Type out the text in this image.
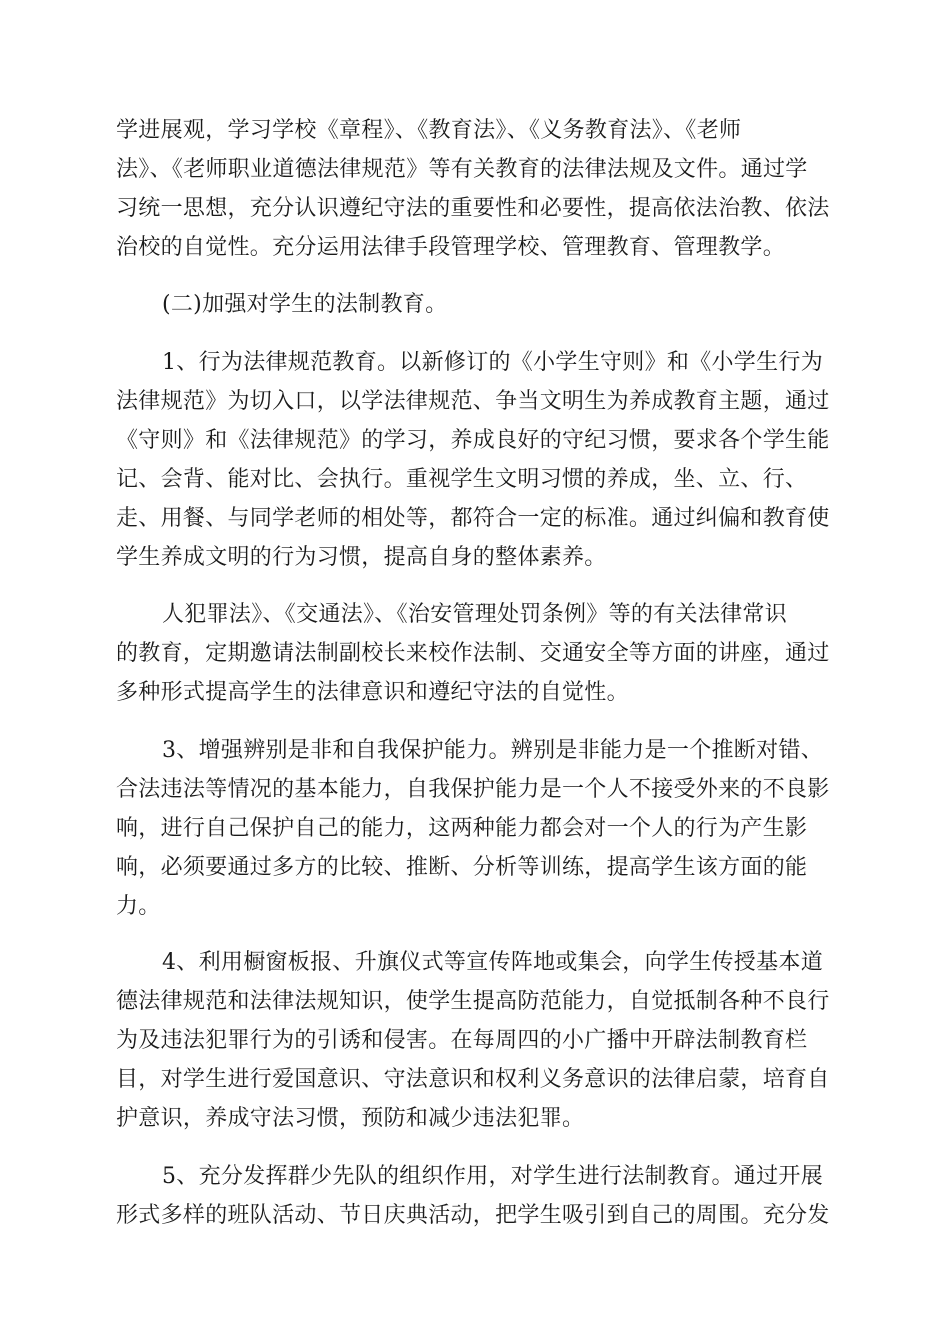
学进展观，学习学校《章程》、《教育法》、《义务教育法》、《老师
法》、《老师职业道德法律规范》等有关教育的法律法规及文件。通过学
习统一思想，充分认识遵纪守法的重要性和必要性，提高依法治教、依法
治校的自觉性。充分运用法律手段管理学校、管理教育、管理教学。
(二)加强对学生的法制教育。
1、行为法律规范教育。以新修订的《小学生守则》和《小学生行为
法律规范》为切入口，以学法律规范、争当文明生为养成教育主题，通过
《守则》和《法律规范》的学习，养成良好的守纪习惯，要求各个学生能
记、会背、能对比、会执行。重视学生文明习惯的养成，坐、立、行、
走、用餐、与同学老师的相处等，都符合一定的标准。通过纠偏和教育使
学生养成文明的行为习惯，提高自身的整体素养。
人犯罪法》、《交通法》、《治安管理处罚条例》等的有关法律常识
的教育，定期邀请法制副校长来校作法制、交通安全等方面的讲座，通过
多种形式提高学生的法律意识和遵纪守法的自觉性。
3、增强辨别是非和自我保护能力。辨别是非能力是一个推断对错、
合法违法等情况的基本能力，自我保护能力是一个人不接受外来的不良影
响，进行自己保护自己的能力，这两种能力都会对一个人的行为产生影
响，必须要通过多方的比较、推断、分析等训练，提高学生该方面的能
力。
4、利用橱窗板报、升旗仪式等宣传阵地或集会，向学生传授基本道
德法律规范和法律法规知识，使学生提高防范能力，自觉抵制各种不良行
为及违法犯罪行为的引诱和侵害。在每周四的小广播中开辟法制教育栏
目，对学生进行爱国意识、守法意识和权利义务意识的法律启蒙，培育自
护意识，养成守法习惯，预防和减少违法犯罪。
5、充分发挥群少先队的组织作用，对学生进行法制教育。通过开展
形式多样的班队活动、节日庆典活动，把学生吸引到自己的周围。充分发
